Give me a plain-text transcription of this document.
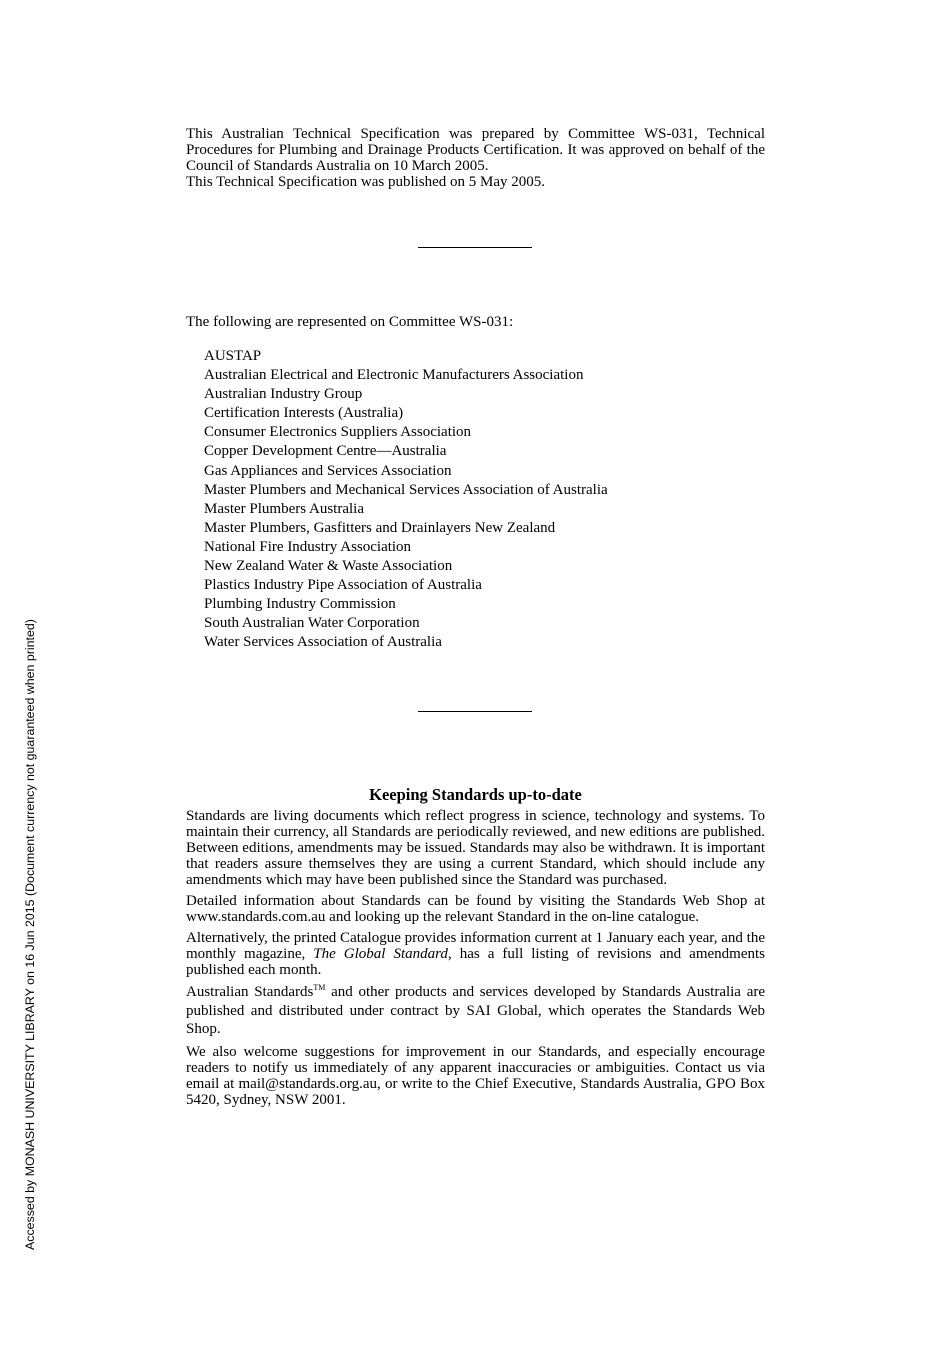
Accessed by MONASH UNIVERSITY LIBRARY on 16 Jun 2015 (Document currency not guaranteed when printed)

This Australian Technical Specification was prepared by Committee WS-031, Technical Procedures for Plumbing and Drainage Products Certification. It was approved on behalf of the Council of Standards Australia on 10 March 2005.

This Technical Specification was published on 5 May 2005.

The following are represented on Committee WS-031:
AUSTAP
Australian Electrical and Electronic Manufacturers Association
Australian Industry Group
Certification Interests (Australia)
Consumer Electronics Suppliers Association
Copper Development Centre—Australia
Gas Appliances and Services Association
Master Plumbers and Mechanical Services Association of Australia
Master Plumbers Australia
Master Plumbers, Gasfitters and Drainlayers New Zealand
National Fire Industry Association
New Zealand Water & Waste Association
Plastics Industry Pipe Association of Australia
Plumbing Industry Commission
South Australian Water Corporation
Water Services Association of Australia
Keeping Standards up-to-date

Standards are living documents which reflect progress in science, technology and systems. To maintain their currency, all Standards are periodically reviewed, and new editions are published. Between editions, amendments may be issued. Standards may also be withdrawn. It is important that readers assure themselves they are using a current Standard, which should include any amendments which may have been published since the Standard was purchased.

Detailed information about Standards can be found by visiting the Standards Web Shop at www.standards.com.au and looking up the relevant Standard in the on-line catalogue.

Alternatively, the printed Catalogue provides information current at 1 January each year, and the monthly magazine, The Global Standard, has a full listing of revisions and amendments published each month.

Australian Standards™ and other products and services developed by Standards Australia are published and distributed under contract by SAI Global, which operates the Standards Web Shop.

We also welcome suggestions for improvement in our Standards, and especially encourage readers to notify us immediately of any apparent inaccuracies or ambiguities. Contact us via email at mail@standards.org.au, or write to the Chief Executive, Standards Australia, GPO Box 5420, Sydney, NSW 2001.
